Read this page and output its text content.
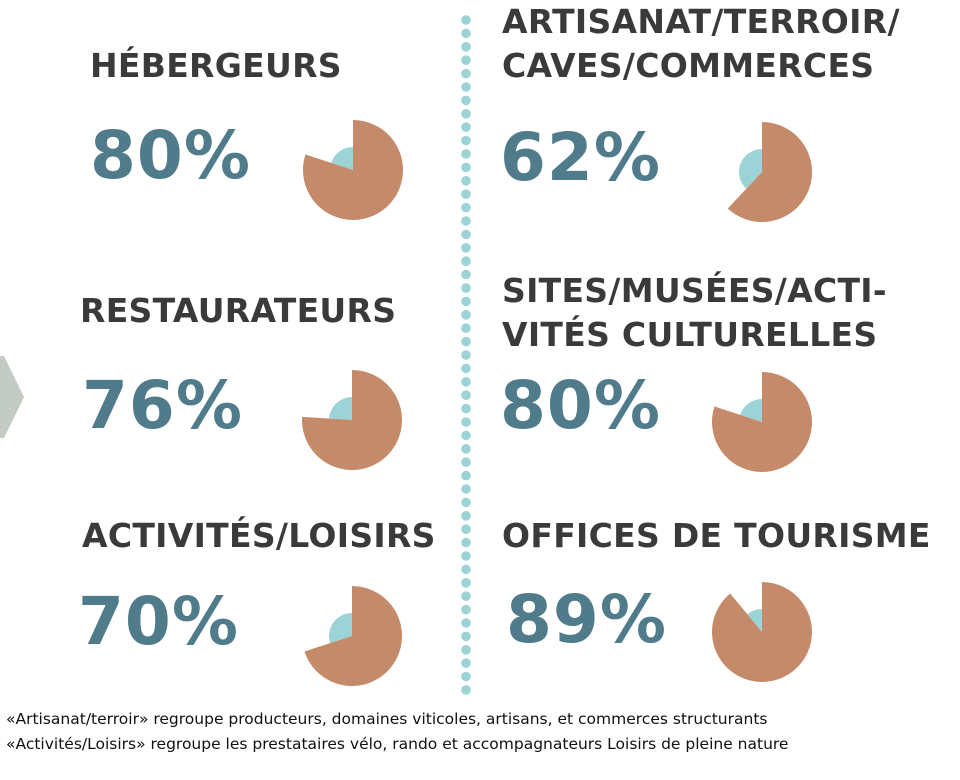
HÉBERGEURS
80%
ARTISANAT/TERROIR/
CAVES/COMMERCES
62%
RESTAURATEURS
76%
SITES/MUSÉES/ACTI-
VITÉS CULTURELLES
80%
ACTIVITÉS/LOISIRS
70%
OFFICES DE TOURISME
89%

«Artisanat/terroir» regroupe producteurs, domaines viticoles, artisans, et commerces structurants

«Activités/Loisirs» regroupe les prestataires vélo, rando et accompagnateurs Loisirs de pleine nature
